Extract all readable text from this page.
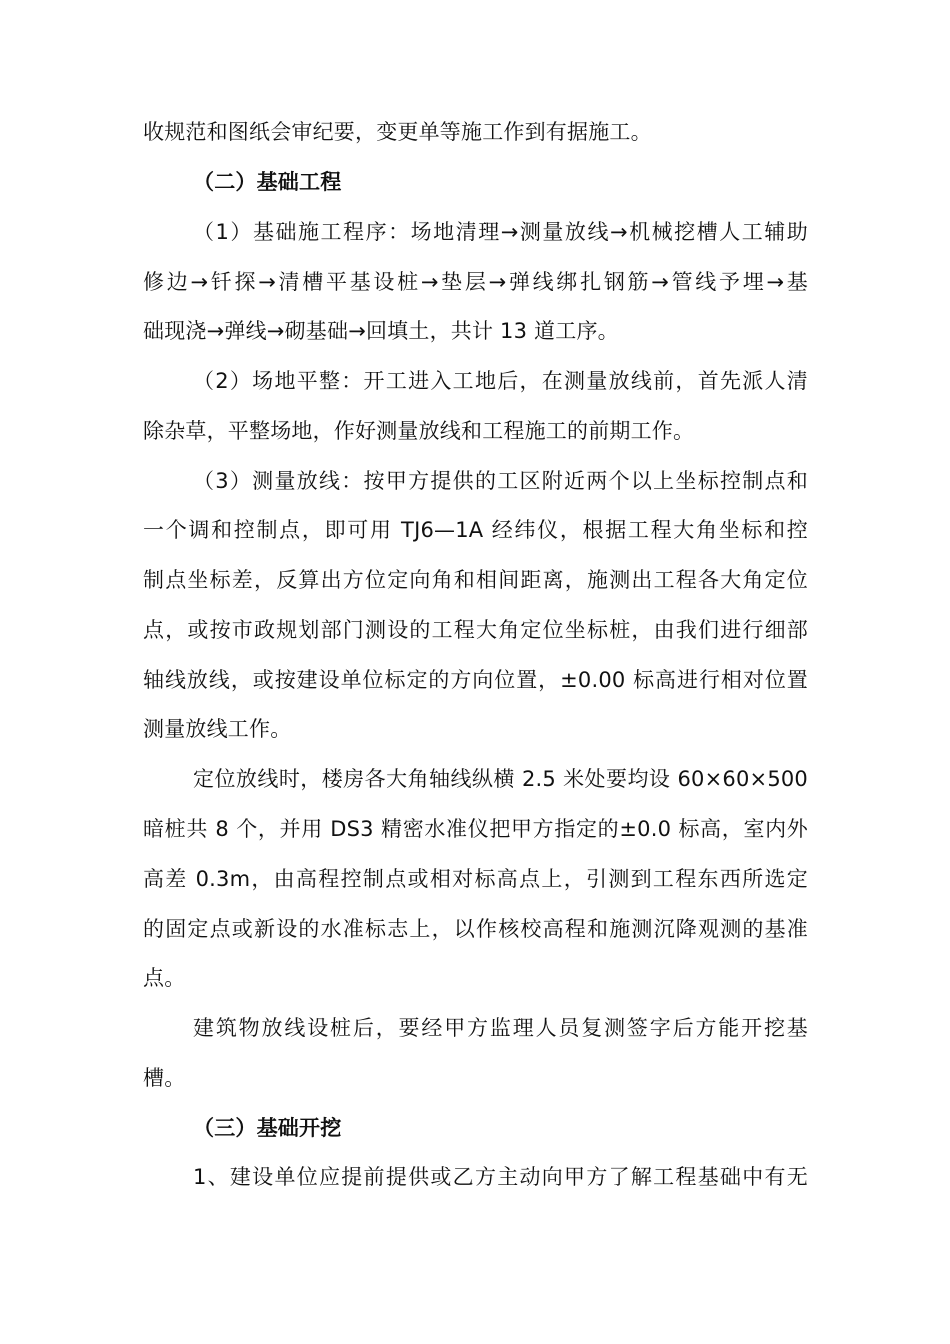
收规范和图纸会审纪要，变更单等施工作到有据施工。
（二）基础工程
（1）基础施工程序：场地清理→测量放线→机械挖槽人工辅助
修边→钎探→清槽平基设桩→垫层→弹线绑扎钢筋→管线予埋→基
础现浇→弹线→砌基础→回填土，共计 13 道工序。
（2）场地平整：开工进入工地后，在测量放线前，首先派人清
除杂草，平整场地，作好测量放线和工程施工的前期工作。
（3）测量放线：按甲方提供的工区附近两个以上坐标控制点和
一个调和控制点，即可用 TJ6—1A 经纬仪，根据工程大角坐标和控
制点坐标差，反算出方位定向角和相间距离，施测出工程各大角定位
点，或按市政规划部门测设的工程大角定位坐标桩，由我们进行细部
轴线放线，或按建设单位标定的方向位置，±0.00 标高进行相对位置
测量放线工作。
定位放线时，楼房各大角轴线纵横 2.5 米处要均设 60×60×500
暗桩共 8 个，并用 DS3 精密水准仪把甲方指定的±0.0 标高，室内外
高差 0.3m，由高程控制点或相对标高点上，引测到工程东西所选定
的固定点或新设的水准标志上，以作核校高程和施测沉降观测的基准
点。
建筑物放线设桩后，要经甲方监理人员复测签字后方能开挖基
槽。
（三）基础开挖
1、建设单位应提前提供或乙方主动向甲方了解工程基础中有无
